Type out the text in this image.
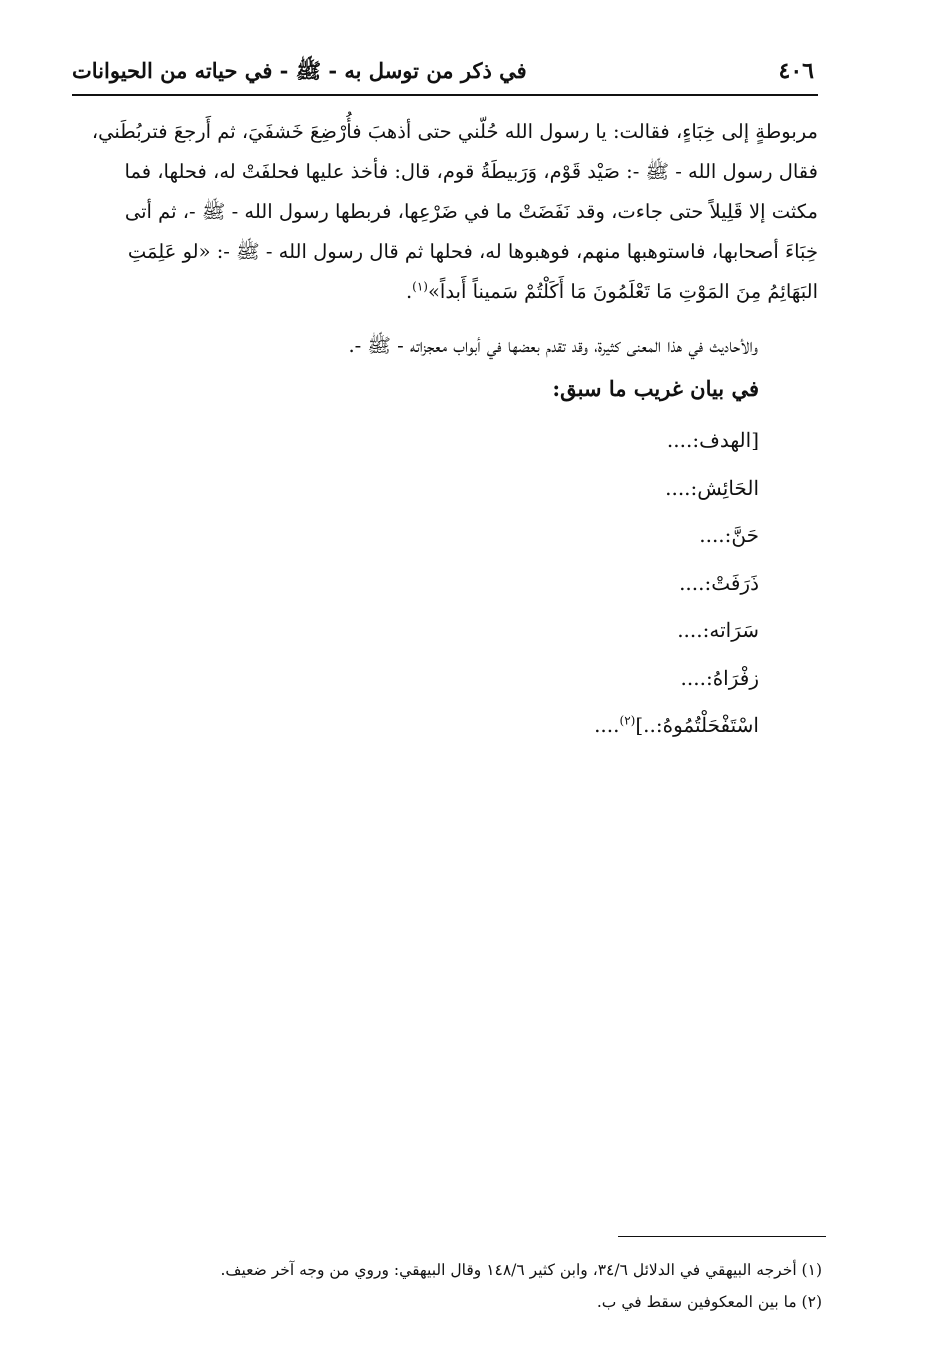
٤٠٦
في ذكر من توسل به - ﷺ - في حياته من الحيوانات
مربوطةٍ إلى خِبَاءٍ، فقالت: يا رسول الله حُلّني حتى أذهبَ فأُرْضِعَ خَشفَيَ، ثم أَرجعَ فتربُطَني،
فقال رسول الله - ﷺ -: صَيْد قَوْم، وَرَبيطَةُ قوم، قال: فأخذ عليها فحلفَتْ له، فحلها، فما
مكثت إلا قَلِيلاً حتى جاءت، وقد نَفَضَتْ ما في ضَرْعِها، فربطها رسول الله - ﷺ -، ثم أتى
خِبَاءَ أصحابها، فاستوهبها منهم، فوهبوها له، فحلها ثم قال رسول الله - ﷺ -: «لو عَلِمَتِ
البَهَائِمُ مِنَ المَوْتِ مَا تَعْلَمُونَ مَا أَكَلْتُمْ سَميناً أَبداً»$^{(١)}$.
والأحاديث في هذا المعنى كثيرة، وقد تقدم بعضها في أبواب معجزاته - ﷺ -.
في بيان غريب ما سبق:
[الهدف:....
الحَائِش:....
حَنَّ:....
ذَرَفَتْ:....
سَرَاته:....
زفْرَاهُ:....
اسْتَفْحَلْتُمُوهُ:..]$^{(٢)}$....
(١) أخرجه البيهقي في الدلائل ٣٤/٦، وابن كثير ١٤٨/٦ وقال البيهقي: وروي من وجه آخر ضعيف.
(٢) ما بين المعكوفين سقط في ب.
